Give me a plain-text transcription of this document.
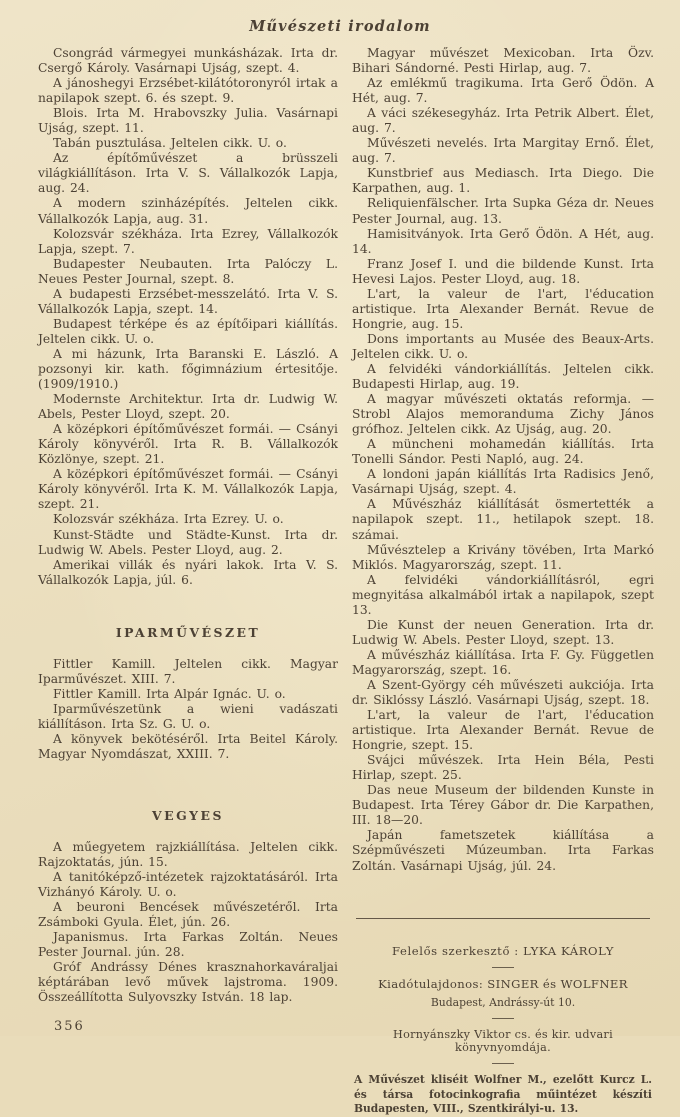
Művészeti irodalom

Csongrád vármegyei munkásházak. Irta dr. Csergő Károly. Vasárnapi Ujság, szept. 4.

A jánoshegyi Erzsébet-kilátótoronyról irtak a napilapok szept. 6. és szept. 9.

Blois. Irta M. Hrabovszky Julia. Vasárnapi Ujság, szept. 11.

Tabán pusztulása. Jeltelen cikk. U. o.

Az építőművészet a brüsszeli világkiállításon. Irta V. S. Vállalkozók Lapja, aug. 24.

A modern szinházépítés. Jeltelen cikk. Vállalkozók Lapja, aug. 31.

Kolozsvár székháza. Irta Ezrey, Vállalkozók Lapja, szept. 7.

Budapester Neubauten. Irta Palóczy L. Neues Pester Journal, szept. 8.

A budapesti Erzsébet-messzelátó. Irta V. S. Vállalkozók Lapja, szept. 14.

Budapest térképe és az építőipari kiállítás. Jeltelen cikk. U. o.

A mi házunk, Irta Baranski E. László. A pozsonyi kir. kath. főgimnázium értesitője. (1909/1910.)

Modernste Architektur. Irta dr. Ludwig W. Abels, Pester Lloyd, szept. 20.

A középkori építőművészet formái. — Csányi Károly könyvéről. Irta R. B. Vállalkozók Közlönye, szept. 21.

A középkori építőművészet formái. — Csányi Károly könyvéről. Irta K. M. Vállalkozók Lapja, szept. 21.

Kolozsvár székháza. Irta Ezrey. U. o.

Kunst-Städte und Städte-Kunst. Irta dr. Ludwig W. Abels. Pester Lloyd, aug. 2.

Amerikai villák és nyári lakok. Irta V. S. Vállalkozók Lapja, júl. 6.

IPARMŰVÉSZET

Fittler Kamill. Jeltelen cikk. Magyar Iparművészet. XIII. 7.

Fittler Kamill. Irta Alpár Ignác. U. o.

Iparművészetünk a wieni vadászati kiállításon. Irta Sz. G. U. o.

A könyvek bekötéséről. Irta Beitel Károly. Magyar Nyomdászat, XXIII. 7.

VEGYES

A műegyetem rajzkiállítása. Jeltelen cikk. Rajzoktatás, jún. 15.

A tanitóképző-intézetek rajzoktatásáról. Irta Vizhányó Károly. U. o.

A beuroni Bencések művészetéről. Irta Zsámboki Gyula. Élet, jún. 26.

Japanismus. Irta Farkas Zoltán. Neues Pester Journal. jún. 28.

Gróf Andrássy Dénes krasznahorkaváraljai képtárában levő művek lajstroma. 1909. Összeállította Sulyovszky István. 18 lap.

356

Magyar művészet Mexicoban. Irta Özv. Bihari Sándorné. Pesti Hirlap, aug. 7.

Az emlékmű tragikuma. Irta Gerő Ödön. A Hét, aug. 7.

A váci székesegyház. Irta Petrik Albert. Élet, aug. 7.

Művészeti nevelés. Irta Margitay Ernő. Élet, aug. 7.

Kunstbrief aus Mediasch. Irta Diego. Die Karpathen, aug. 1.

Reliquienfälscher. Irta Supka Géza dr. Neues Pester Journal, aug. 13.

Hamisitványok. Irta Gerő Ödön. A Hét, aug. 14.

Franz Josef I. und die bildende Kunst. Irta Hevesi Lajos. Pester Lloyd, aug. 18.

L'art, la valeur de l'art, l'éducation artistique. Irta Alexander Bernát. Revue de Hongrie, aug. 15.

Dons importants au Musée des Beaux-Arts. Jeltelen cikk. U. o.

A felvidéki vándorkiállítás. Jeltelen cikk. Budapesti Hirlap, aug. 19.

A magyar művészeti oktatás reformja. — Strobl Alajos memoranduma Zichy János grófhoz. Jeltelen cikk. Az Ujság, aug. 20.

A müncheni mohamedán kiállítás. Irta Tonelli Sándor. Pesti Napló, aug. 24.

A londoni japán kiállítás Irta Radisics Jenő, Vasárnapi Ujság, szept. 4.

A Művészház kiállítását ösmertették a napilapok szept. 11., hetilapok szept. 18. számai.

Művésztelep a Krivány tövében, Irta Markó Miklós. Magyarország, szept. 11.

A felvidéki vándorkiállításról, egri megnyitása alkalmából irtak a napilapok, szept 13.

Die Kunst der neuen Generation. Irta dr. Ludwig W. Abels. Pester Lloyd, szept. 13.

A művészház kiállítása. Irta F. Gy. Független Magyarország, szept. 16.

A Szent-György céh művészeti aukciója. Irta dr. Siklóssy László. Vasárnapi Ujság, szept. 18.

L'art, la valeur de l'art, l'éducation artistique. Irta Alexander Bernát. Revue de Hongrie, szept. 15.

Svájci művészek. Irta Hein Béla, Pesti Hirlap, szept. 25.

Das neue Museum der bildenden Kunste in Budapest. Irta Térey Gábor dr. Die Karpathen, III. 18—20.

Japán fametszetek kiállítása a Szépművészeti Múzeumban. Irta Farkas Zoltán. Vasárnapi Ujság, júl. 24.

Felelős szerkesztő : LYKA KÁROLY

Kiadótulajdonos: SINGER és WOLFNER

Budapest, Andrássy-út 10.

Hornyánszky Viktor cs. és kir. udvari könyvnyomdája.

A Művészet kliséit Wolfner M., ezelőtt Kurcz L. és társa fotocinkografia műintézet készíti Budapesten, VIII., Szentkirályi-u. 13.
